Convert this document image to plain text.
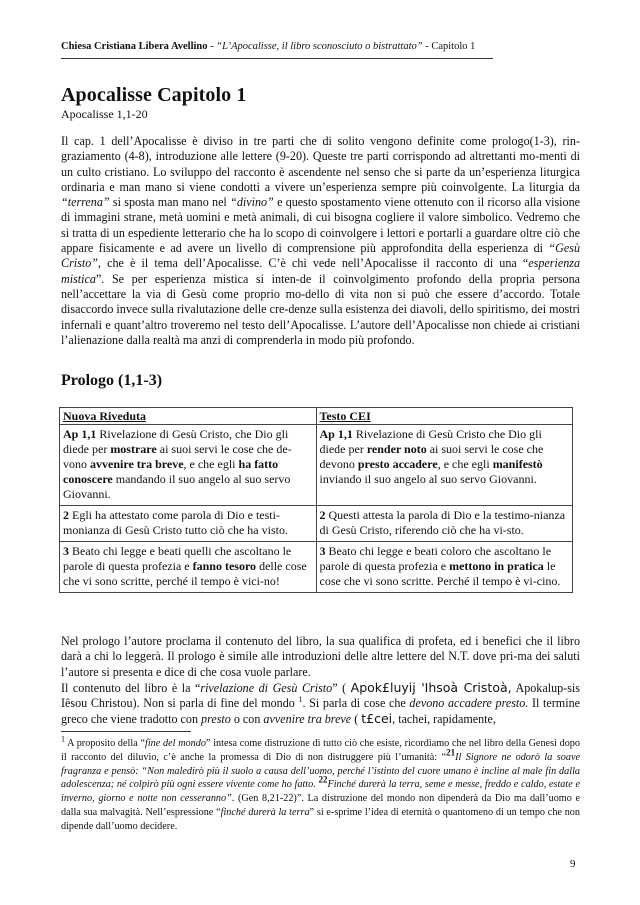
Chiesa Cristiana Libera Avellino - “L’Apocalisse, il libro sconosciuto o bistrattato” - Capitolo 1
Apocalisse Capitolo 1
Apocalisse 1,1-20

Il cap. 1 dell’Apocalisse è diviso in tre parti che di solito vengono definite come prologo(1-3), rin-graziamento (4-8), introduzione alle lettere (9-20). Queste tre parti corrispondo ad altrettanti mo-menti di un culto cristiano. Lo sviluppo del racconto è ascendente nel senso che si parte da un’esperienza liturgica ordinaria e man mano si viene condotti a vivere un’esperienza sempre più coinvolgente. La liturgia da “terrena” si sposta man mano nel “divino” e questo spostamento viene ottenuto con il ricorso alla visione di immagini strane, metà uomini e metà animali, di cui bisogna cogliere il valore simbolico. Vedremo che si tratta di un espediente letterario che ha lo scopo di coinvolgere i lettori e portarli a guardare oltre ciò che appare fisicamente e ad avere un livello di comprensione più approfondita della esperienza di “Gesù Cristo”, che è il tema dell’Apocalisse. C’è chi vede nell’Apocalisse il racconto di una “esperienza mistica”. Se per esperienza mistica si inten-de il coinvolgimento profondo della propria persona nell’accettare la via di Gesù come proprio mo-dello di vita non si può che essere d’accordo. Totale disaccordo invece sulla rivalutazione delle cre-denze sulla esistenza dei diavoli, dello spiritismo, dei mostri infernali e quant’altro troveremo nel testo dell’Apocalisse. L’autore dell’Apocalisse non chiede ai cristiani l’alienazione dalla realtà ma anzi di comprenderla in modo più profondo.

Prologo (1,1-3)
Nuova Riveduta	Testo CEI
Ap 1,1 Rivelazione di Gesù Cristo, che Dio gli diede per mostrare ai suoi servi le cose che de-vono avvenire tra breve, e che egli ha fatto conoscere mandando il suo angelo al suo servo Giovanni.	Ap 1,1 Rivelazione di Gesù Cristo che Dio gli diede per render noto ai suoi servi le cose che devono presto accadere, e che egli manifestò inviando il suo angelo al suo servo Giovanni.
2 Egli ha attestato come parola di Dio e testi-monianza di Gesù Cristo tutto ciò che ha visto.	2 Questi attesta la parola di Dio e la testimo-nianza di Gesù Cristo, riferendo ciò che ha vi-sto.
3 Beato chi legge e beati quelli che ascoltano le parole di questa profezia e fanno tesoro delle cose che vi sono scritte, perché il tempo è vici-no!	3 Beato chi legge e beati coloro che ascoltano le parole di questa profezia e mettono in pratica le cose che vi sono scritte. Perché il tempo è vi-cino.

Nel prologo l’autore proclama il contenuto del libro, la sua qualifica di profeta, ed i benefici che il libro darà a chi lo leggerà. Il prologo è simile alle introduzioni delle altre lettere del N.T. dove pri-ma dei saluti l’autore si presenta e dice di che cosa vuole parlare.
Il contenuto del libro è la “rivelazione di Gesù Cristo” ( Apok£luyij 'Ihsoà Cristoà, Apokalup-sis Iêsou Christou). Non si parla di fine del mondo $^1$. Si parla di cose che devono accadere presto. Il termine greco che viene tradotto con presto o con avvenire tra breve ( t£cei, tachei, rapidamente,

$^1$ A proposito della “fine del mondo” intesa come distruzione di tutto ciò che esiste, ricordiamo che nel libro della Genesi dopo il racconto del diluvio, c’è anche la promessa di Dio di non distruggere più l’umanità: “$^{21}$Il Signore ne odorò la soave fragranza e pensò: “Non maledirò più il suolo a causa dell’uomo, perché l’istinto del cuore umano è incline al male fin dalla adolescenza; né colpirò più ogni essere vivente come ho fatto. $^{22}$Finché durerà la terra, seme e messe, freddo e caldo, estate e inverno, giorno e notte non cesseranno”. (Gen 8,21-22)”. La distruzione del mondo non dipenderà da Dio ma dall’uomo e dalla sua malvagità. Nell’espressione “finché durerà la terra” si e-sprime l’idea di eternità o quantomeno di un tempo che non dipende dall’uomo decidere.

9
